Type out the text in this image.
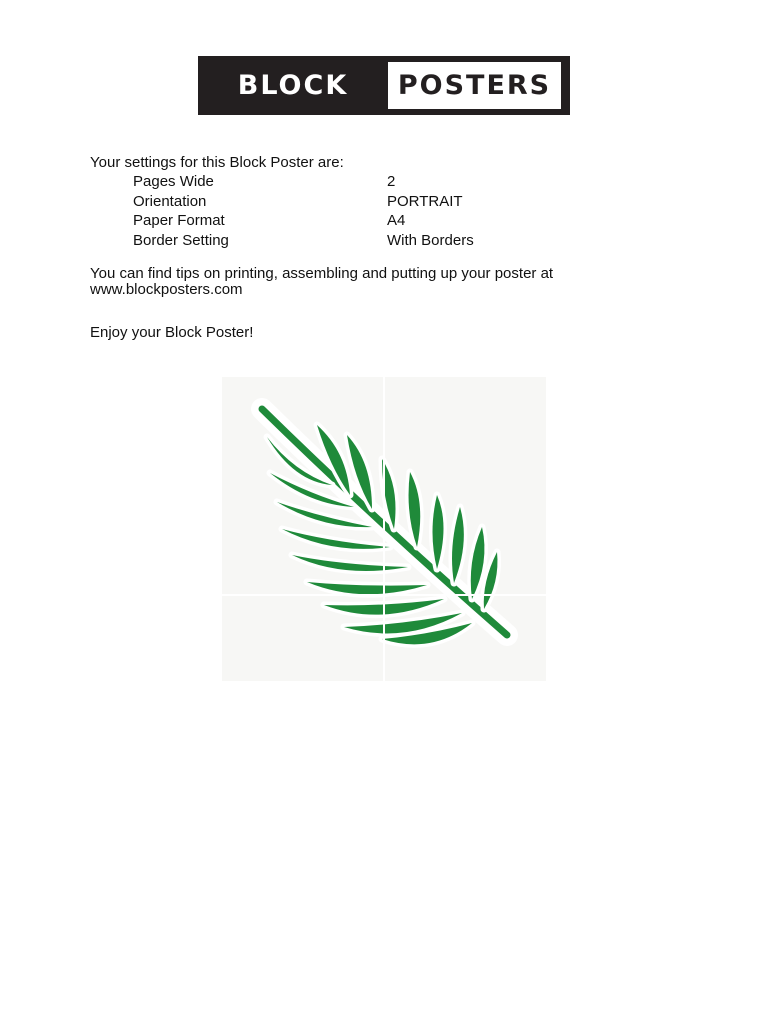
BLOCK	POSTERS
Your settings for this Block Poster are:
Pages Wide	2
Orientation	PORTRAIT
Paper Format	A4
Border Setting	With Borders
You can find tips on printing, assembling and putting up your poster at
www.blockposters.com
Enjoy your Block Poster!
